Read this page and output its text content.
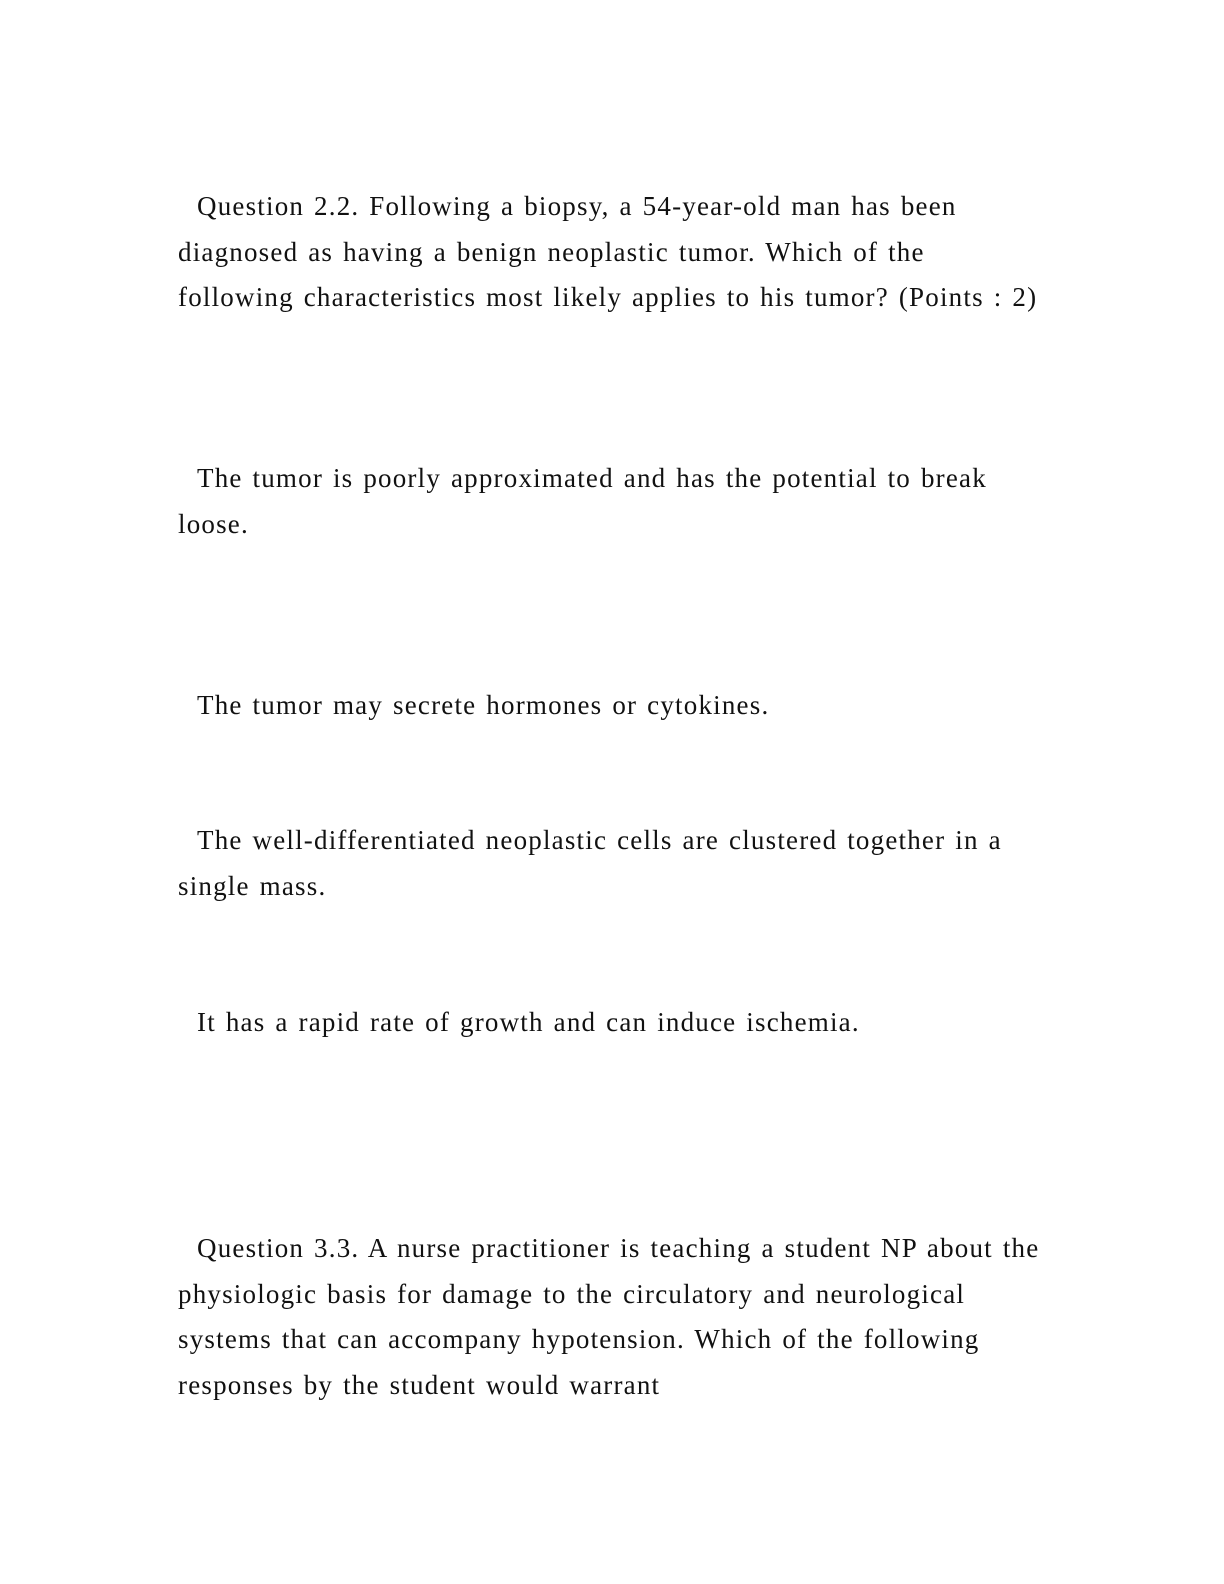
Question 2.2. Following a biopsy, a 54-year-old man has been diagnosed as having a benign neoplastic tumor. Which of the following characteristics most likely applies to his tumor? (Points : 2)

The tumor is poorly approximated and has the potential to break loose.

The tumor may secrete hormones or cytokines.

The well-differentiated neoplastic cells are clustered together in a single mass.

It has a rapid rate of growth and can induce ischemia.

Question 3.3. A nurse practitioner is teaching a student NP about the physiologic basis for damage to the circulatory and neurological systems that can accompany hypotension. Which of the following responses by the student would warrant
